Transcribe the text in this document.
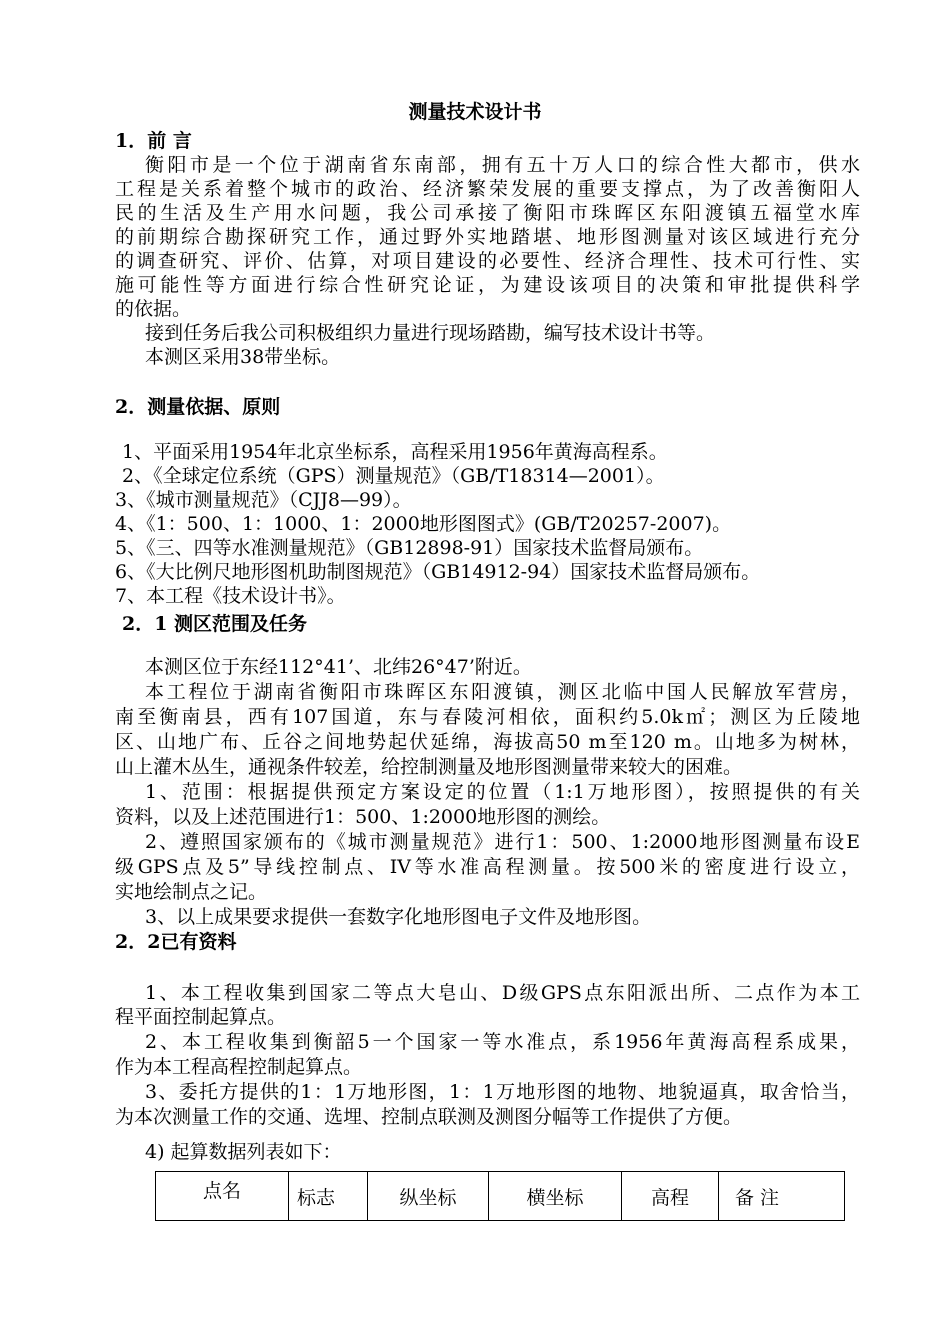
测量技术设计书
1．前 言
衡阳市是一个位于湖南省东南部，拥有五十万人口的综合性大都市，供水
工程是关系着整个城市的政治、经济繁荣发展的重要支撑点，为了改善衡阳人
民的生活及生产用水问题，我公司承接了衡阳市珠晖区东阳渡镇五福堂水库
的前期综合勘探研究工作，通过野外实地踏堪、地形图测量对该区域进行充分
的调查研究、评价、估算，对项目建设的必要性、经济合理性、技术可行性、实
施可能性等方面进行综合性研究论证，为建设该项目的决策和审批提供科学
的依据。
接到任务后我公司积极组织力量进行现场踏勘，编写技术设计书等。
本测区采用38带坐标。
2．测量依据、原则
1、平面采用1954年北京坐标系，高程采用1956年黄海高程系。
2、《全球定位系统（GPS）测量规范》（GB/T18314—2001）。
3、《城市测量规范》（CJJ8—99）。
4、《1：500、1：1000、1：2000地形图图式》(GB/T20257-2007)。
5、《三、四等水准测量规范》（GB12898-91）国家技术监督局颁布。
6、《大比例尺地形图机助制图规范》（GB14912-94）国家技术监督局颁布。
7、本工程《技术设计书》。
2．1 测区范围及任务
本测区位于东经112°41’、北纬26°47’附近。
本工程位于湖南省衡阳市珠晖区东阳渡镇，测区北临中国人民解放军营房，
南至衡南县，西有107国道，东与春陵河相依，面积约5.0k㎡；测区为丘陵地
区、山地广布、丘谷之间地势起伏延绵，海拔高50 m至120 m。山地多为树林，
山上灌木丛生，通视条件较差，给控制测量及地形图测量带来较大的困难。
1、范围：根据提供预定方案设定的位置（1:1万地形图），按照提供的有关
资料，以及上述范围进行1：500、1:2000地形图的测绘。
2、遵照国家颁布的《城市测量规范》进行1：500、1:2000地形图测量布设E
级GPS点及5”导线控制点、IV等水准高程测量。按500米的密度进行设立，
实地绘制点之记。
3、以上成果要求提供一套数字化地形图电子文件及地形图。
2．2已有资料
1、本工程收集到国家二等点大皂山、D级GPS点东阳派出所、二点作为本工
程平面控制起算点。
2、本工程收集到衡韶5一个国家一等水准点，系1956年黄海高程系成果，
作为本工程高程控制起算点。
3、委托方提供的1：1万地形图，1：1万地形图的地物、地貌逼真，取舍恰当，
为本次测量工作的交通、选埋、控制点联测及测图分幅等工作提供了方便。
4) 起算数据列表如下：
点名	标志	纵坐标	横坐标	高程	备 注
